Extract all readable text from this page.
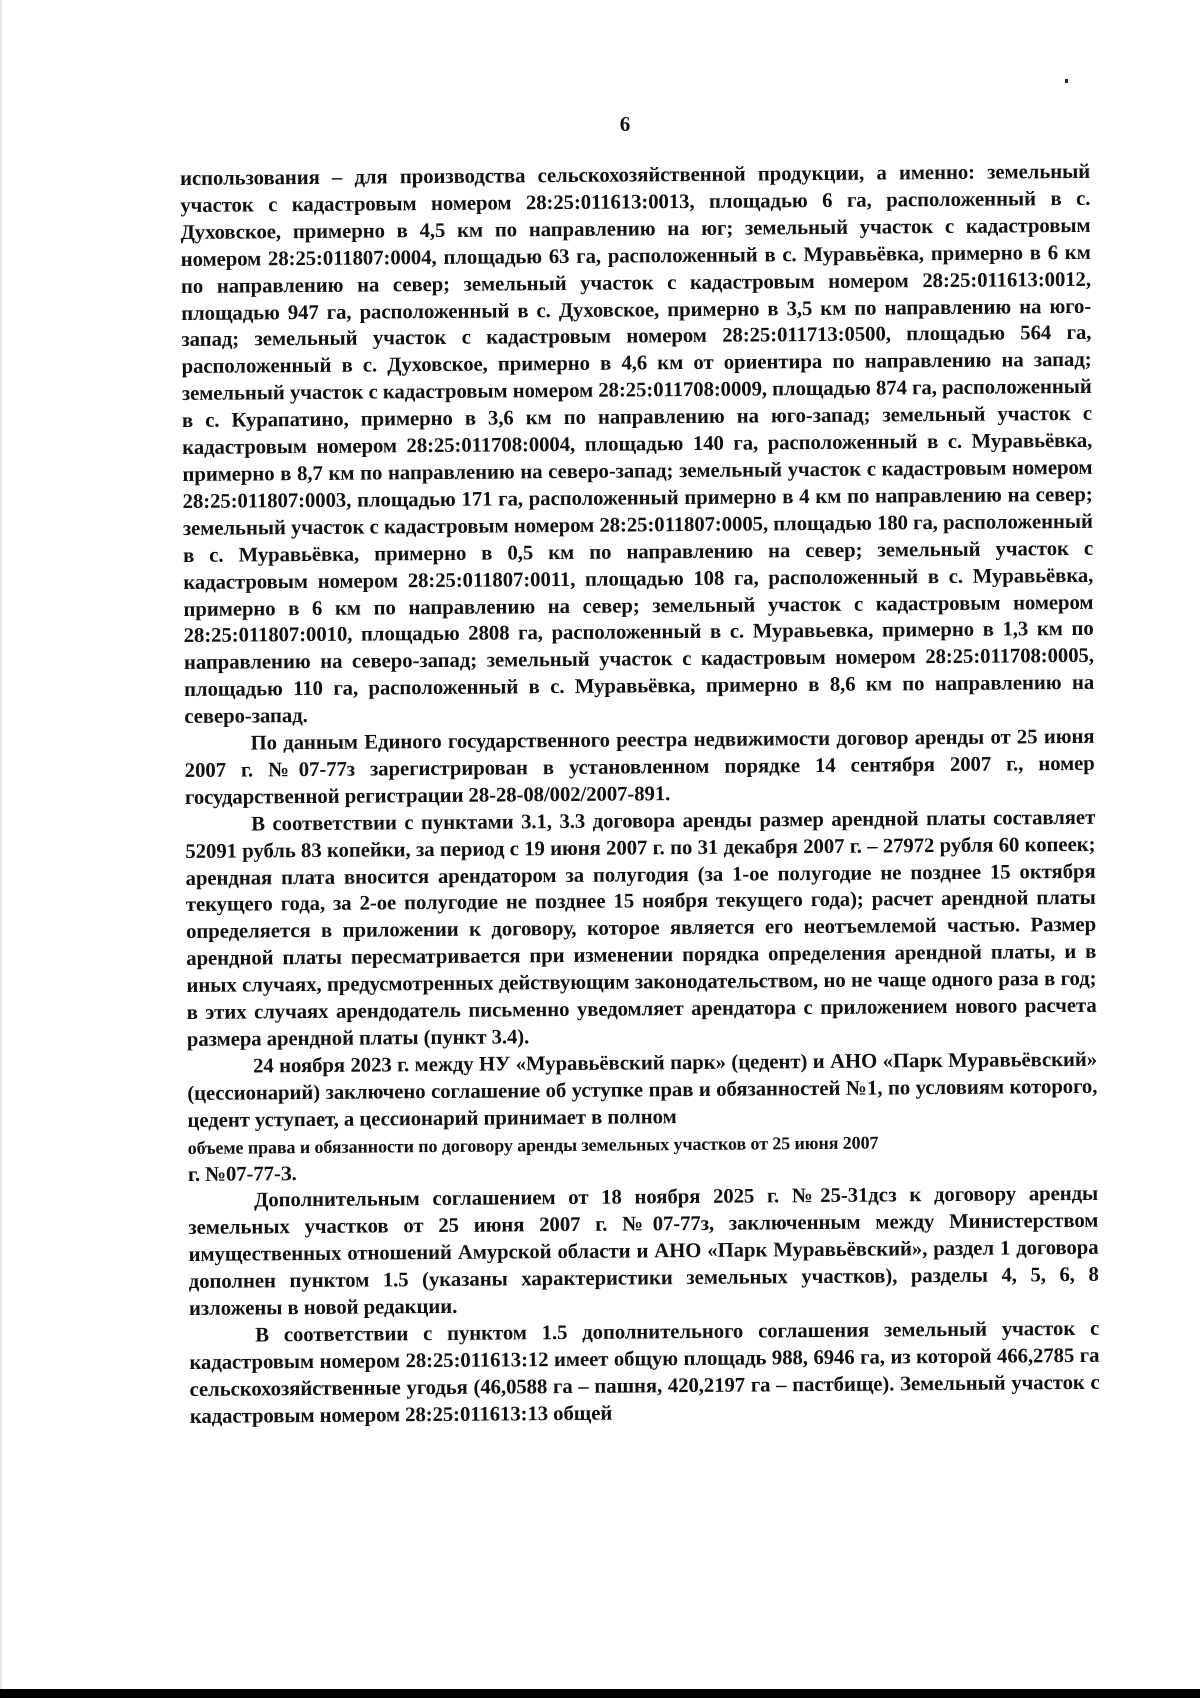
6

использования – для производства сельскохозяйственной продукции, а именно: земельный участок с кадастровым номером 28:25:011613:0013, площадью 6 га, расположенный в с. Духовское, примерно в 4,5 км по направлению на юг; земельный участок с кадастровым номером 28:25:011807:0004, площадью 63 га, расположенный в с. Муравьёвка, примерно в 6 км по направлению на север; земельный участок с кадастровым номером 28:25:011613:0012, площадью 947 га, расположенный в с. Духовское, примерно в 3,5 км по направлению на юго-запад; земельный участок с кадастровым номером 28:25:011713:0500, площадью 564 га, расположенный в с. Духовское, примерно в 4,6 км от ориентира по направлению на запад; земельный участок с кадастровым номером 28:25:011708:0009, площадью 874 га, расположенный в с. Курапатино, примерно в 3,6 км по направлению на юго-запад; земельный участок с кадастровым номером 28:25:011708:0004, площадью 140 га, расположенный в с. Муравьёвка, примерно в 8,7 км по направлению на северо-запад; земельный участок с кадастровым номером 28:25:011807:0003, площадью 171 га, расположенный примерно в 4 км по направлению на север; земельный участок с кадастровым номером 28:25:011807:0005, площадью 180 га, расположенный в с. Муравьёвка, примерно в 0,5 км по направлению на север; земельный участок с кадастровым номером 28:25:011807:0011, площадью 108 га, расположенный в с. Муравьёвка, примерно в 6 км по направлению на север; земельный участок с кадастровым номером 28:25:011807:0010, площадью 2808 га, расположенный в с. Муравьевка, примерно в 1,3 км по направлению на северо-запад; земельный участок с кадастровым номером 28:25:011708:0005, площадью 110 га, расположенный в с. Муравьёвка, примерно в 8,6 км по направлению на северо-запад.

По данным Единого государственного реестра недвижимости договор аренды от 25 июня 2007 г. №07-77з зарегистрирован в установленном порядке 14 сентября 2007 г., номер государственной регистрации 28-28-08/002/2007-891.

В соответствии с пунктами 3.1, 3.3 договора аренды размер арендной платы составляет 52091 рубль 83 копейки, за период с 19 июня 2007 г. по 31 декабря 2007 г. – 27972 рубля 60 копеек; арендная плата вносится арендатором за полугодия (за 1-ое полугодие не позднее 15 октября текущего года, за 2-ое полугодие не позднее 15 ноября текущего года); расчет арендной платы определяется в приложении к договору, которое является его неотъемлемой частью. Размер арендной платы пересматривается при изменении порядка определения арендной платы, и в иных случаях, предусмотренных действующим законодательством, но не чаще одного раза в год; в этих случаях арендодатель письменно уведомляет арендатора с приложением нового расчета размера арендной платы (пункт 3.4).

24 ноября 2023 г. между НУ «Муравьёвский парк» (цедент) и АНО «Парк Муравьёвский» (цессионарий) заключено соглашение об уступке прав и обязанностей №1, по условиям которого, цедент уступает, а цессионарий принимает в полном

объеме права и обязанности по договору аренды земельных участков от 25 июня 2007

г. №07-77-З.

Дополнительным соглашением от 18 ноября 2025 г. №25-31дсз к договору аренды земельных участков от 25 июня 2007 г. №07-77з, заключенным между Министерством имущественных отношений Амурской области и АНО «Парк Муравьёвский», раздел 1 договора дополнен пунктом 1.5 (указаны характеристики земельных участков), разделы 4, 5, 6, 8 изложены в новой редакции.

В соответствии с пунктом 1.5 дополнительного соглашения земельный участок с кадастровым номером 28:25:011613:12 имеет общую площадь 988, 6946 га, из которой 466,2785 га сельскохозяйственные угодья (46,0588 га – пашня, 420,2197 га – пастбище). Земельный участок с кадастровым номером 28:25:011613:13 общей
